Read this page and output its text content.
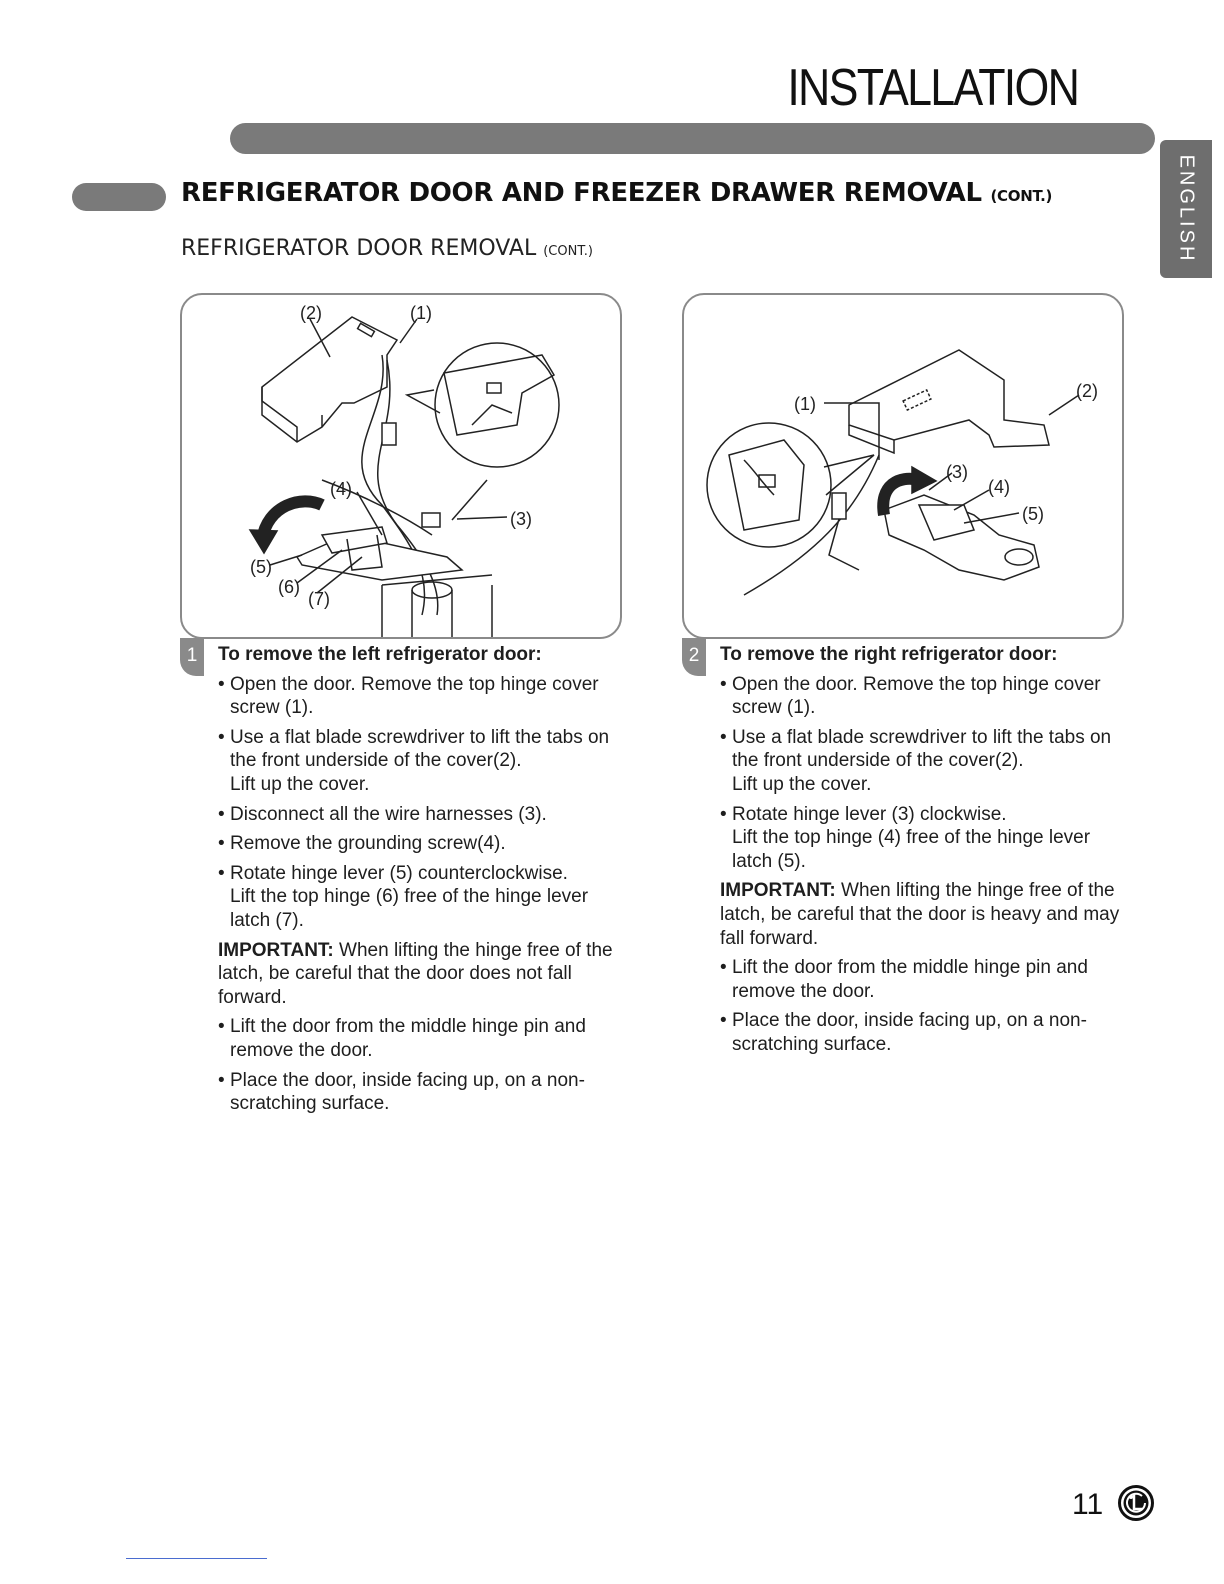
INSTALLATION
ENGLISH
REFRIGERATOR DOOR AND FREEZER DRAWER REMOVAL (CONT.)
REFRIGERATOR DOOR REMOVAL (CONT.)
(2)	(1)
(4)
(3)
(5)
(6)
(7)
(1)
(2)
(3)
(4)
(5)
1	To remove the left refrigerator door:

• Open the door. Remove the top hinge cover screw (1).
• Use a flat blade screwdriver to lift the tabs on the front underside of the cover(2).
Lift up the cover.
• Disconnect all the wire harnesses (3).
• Remove the grounding screw(4).
• Rotate hinge lever (5) counterclockwise.
Lift the top hinge (6) free of the hinge lever latch (7).

IMPORTANT: When lifting the hinge free of the latch, be careful that the door does not fall forward.

• Lift the door from the middle hinge pin and remove the door.
• Place the door, inside facing up, on a non-scratching surface.
2	To remove the right refrigerator door:

• Open the door. Remove the top hinge cover screw (1).
• Use a flat blade screwdriver to lift the tabs on the front underside of the cover(2).
Lift up the cover.
• Rotate hinge lever (3) clockwise.
Lift the top hinge (4) free of the hinge lever latch (5).

IMPORTANT: When lifting the hinge free of the latch, be careful that the door is heavy and may fall forward.

• Lift the door from the middle hinge pin and remove the door.
• Place the door, inside facing up, on a non-scratching surface.
11
